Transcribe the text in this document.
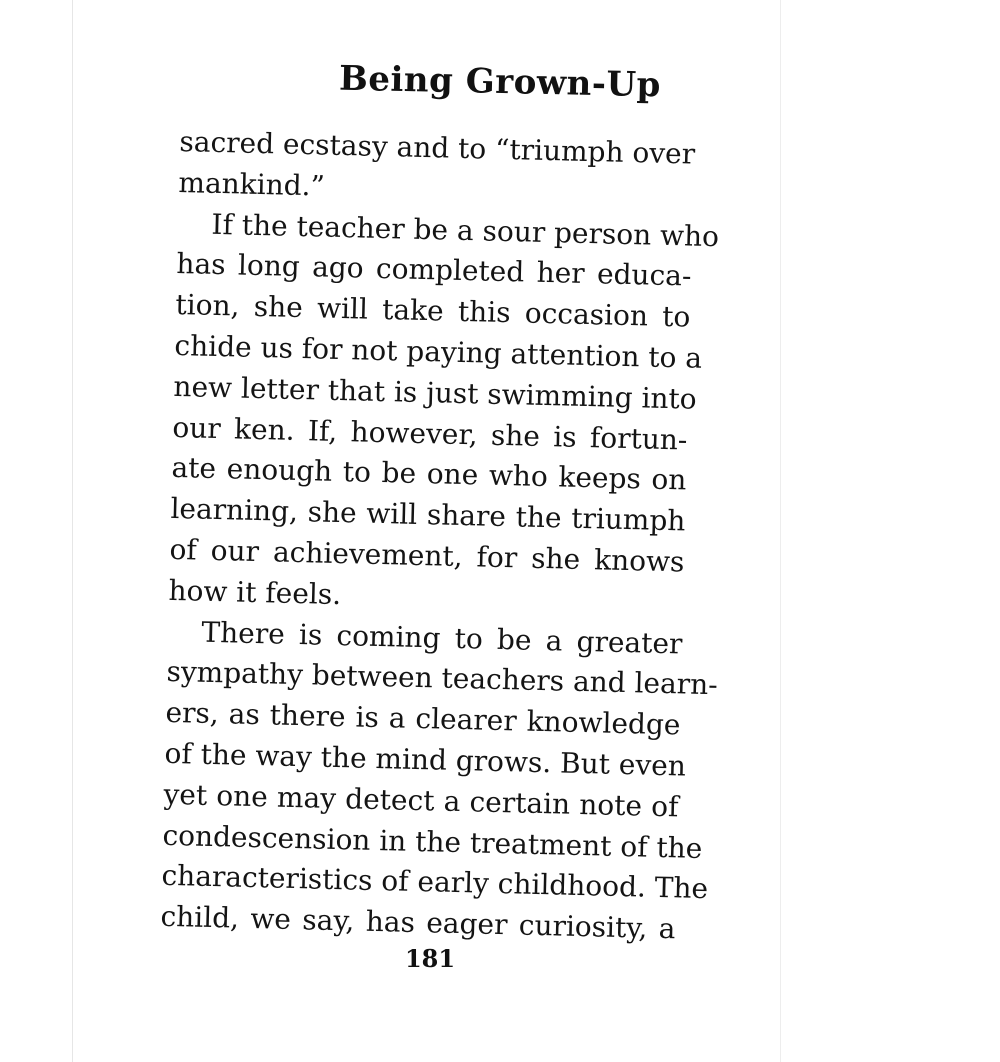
Being Grown-Up
sacred ecstasy and to “triumph over
mankind.”
If the teacher be a sour person who
has long ago completed her educa-
tion, she will take this occasion to
chide us for not paying attention to a
new letter that is just swimming into
our ken. If, however, she is fortun-
ate enough to be one who keeps on
learning, she will share the triumph
of our achievement, for she knows
how it feels.
There is coming to be a greater
sympathy between teachers and learn-
ers, as there is a clearer knowledge
of the way the mind grows. But even
yet one may detect a certain note of
condescension in the treatment of the
characteristics of early childhood. The
child, we say, has eager curiosity, a
181
